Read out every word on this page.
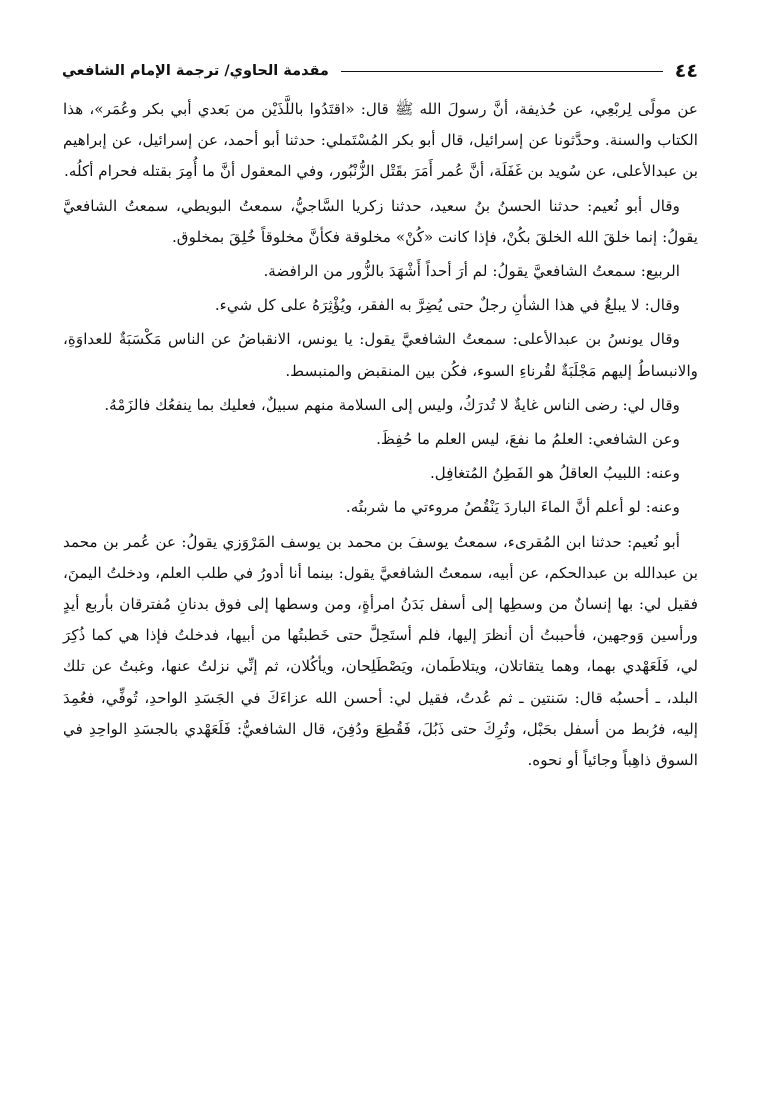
٤٤
مقدمة الحاوي/ ترجمة الإمام الشافعي

عن مولًى لِربْعِي، عن حُذيفة، أنَّ رسولَ الله ﷺ قال: «اقتَدُوا باللَّذَيْن من بَعدي أبي بكر وعُمَر»، هذا الكتاب والسنة. وحدَّثونا عن إسرائيل، قال أبو بكر المُسْتَملي: حدثنا أبو أحمد، عن إسرائيل، عن إبراهيم بن عبدالأعلى، عن سُويد بن غَفَلَة، أنَّ عُمر أَمَرَ بقَتْل الزُّنْبُور، وفي المعقول أنَّ ما أُمِرَ بقتله فحرام أكلُه.

وقال أبو نُعيم: حدثنا الحسنُ بنُ سعيد، حدثنا زكريا السَّاجيُّ، سمعتُ البويطي، سمعتُ الشافعيَّ يقولُ: إنما خلقَ الله الخلقَ بكُنْ، فإذا كانت «كُنْ» مخلوقة فكأنَّ مخلوقاً خُلِقَ بمخلوق.

الربيع: سمعتُ الشافعيَّ يقولُ: لم أرَ أحداً أَشْهَدَ بالزُّور من الرافضة.

وقال: لا يبلغُ في هذا الشأنِ رجلٌ حتى يُضِرَّ به الفقر، ويُؤْثِرَهُ على كل شيء.

وقال يونسُ بن عبدالأعلى: سمعتُ الشافعيَّ يقول: يا يونس، الانقباضُ عن الناس مَكْسَبَةٌ للعداوَةِ، والانبساطُ إليهم مَجْلَبَةٌ لقُرناءِ السوء، فكُن بين المنقبض والمنبسط.

وقال لي: رضى الناس غايةٌ لا تُدرَكُ، وليس إلى السلامة منهم سبيلٌ، فعليك بما ينفعُك فالزَمْهُ.

وعن الشافعي: العلمُ ما نفعَ، ليس العلم ما حُفِظَ.

وعنه: اللبيبُ العاقلُ هو الفَطِنُ المُتغافِل.

وعنه: لو أعلم أنَّ الماءَ الباردَ يَنْقُصُ مروءتي ما شربتُه.

أبو نُعيم: حدثنا ابن المُقرىء، سمعتُ يوسفَ بن محمد بن يوسف المَرْوَزي يقولُ: عن عُمر بن محمد بن عبدالله بن عبدالحكم، عن أبيه، سمعتُ الشافعيَّ يقول: بينما أنا أدورُ في طلب العلم، ودخلتُ اليمنَ، فقيل لي: بها إنسانٌ من وسطِها إلى أسفل بَدَنُ امرأةٍ، ومن وسطها إلى فوق بدنانِ مُفترقان بأربع أيدٍ ورأسين وَوجهين، فأحببتُ أن أنظرَ إليها، فلم أستَحِلَّ حتى خَطبتُها من أبيها، فدخلتُ فإذا هي كما ذُكِرَ لي، فَلَعَهْدي بهما، وهما يتقاتلان، ويتلاطَمان، ويَصْطَلِحان، ويأكُلان، ثم إنِّي نزلتُ عنها، وغبتُ عن تلك البلد، ـ أحسبُه قال: سَنتين ـ ثم عُدتُ، فقيل لي: أحسن الله عزاءَكَ في الجَسَدِ الواحدِ، تُوفِّي، فعُمِدَ إليه، فرُبط من أسفل بحَبْل، وتُرِكَ حتى ذَبُلَ، فَقُطِعَ ودُفِنَ، قال الشافعيُّ: فَلَعَهْدي بالجسَدِ الواحِدِ في السوق ذاهِباً وجائياً أو نحوه.
